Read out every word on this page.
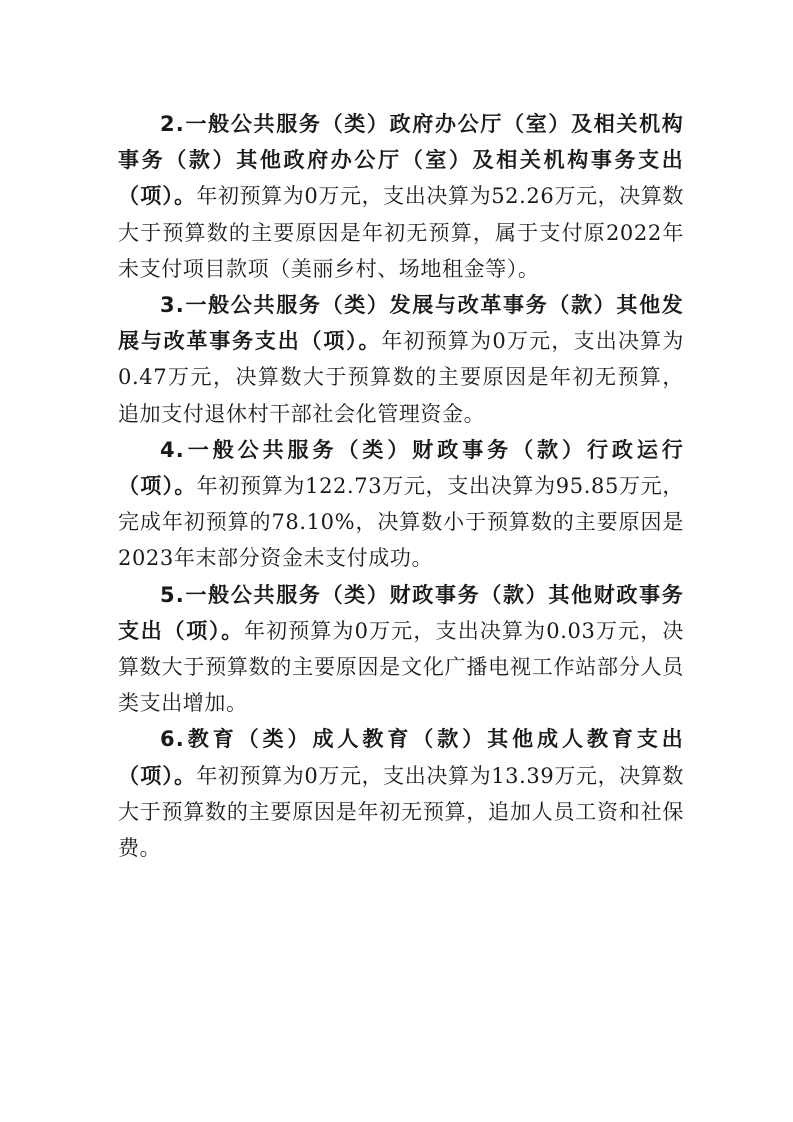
2.一般公共服务（类）政府办公厅（室）及相关机构事务（款）其他政府办公厅（室）及相关机构事务支出（项）。年初预算为0万元，支出决算为52.26万元，决算数大于预算数的主要原因是年初无预算，属于支付原2022年未支付项目款项（美丽乡村、场地租金等）。

3.一般公共服务（类）发展与改革事务（款）其他发展与改革事务支出（项）。年初预算为0万元，支出决算为0.47万元，决算数大于预算数的主要原因是年初无预算，追加支付退休村干部社会化管理资金。

4.一般公共服务（类）财政事务（款）行政运行（项）。年初预算为122.73万元，支出决算为95.85万元，完成年初预算的78.10%，决算数小于预算数的主要原因是2023年末部分资金未支付成功。

5.一般公共服务（类）财政事务（款）其他财政事务支出（项）。年初预算为0万元，支出决算为0.03万元，决算数大于预算数的主要原因是文化广播电视工作站部分人员类支出增加。

6.教育（类）成人教育（款）其他成人教育支出（项）。年初预算为0万元，支出决算为13.39万元，决算数大于预算数的主要原因是年初无预算，追加人员工资和社保费。
